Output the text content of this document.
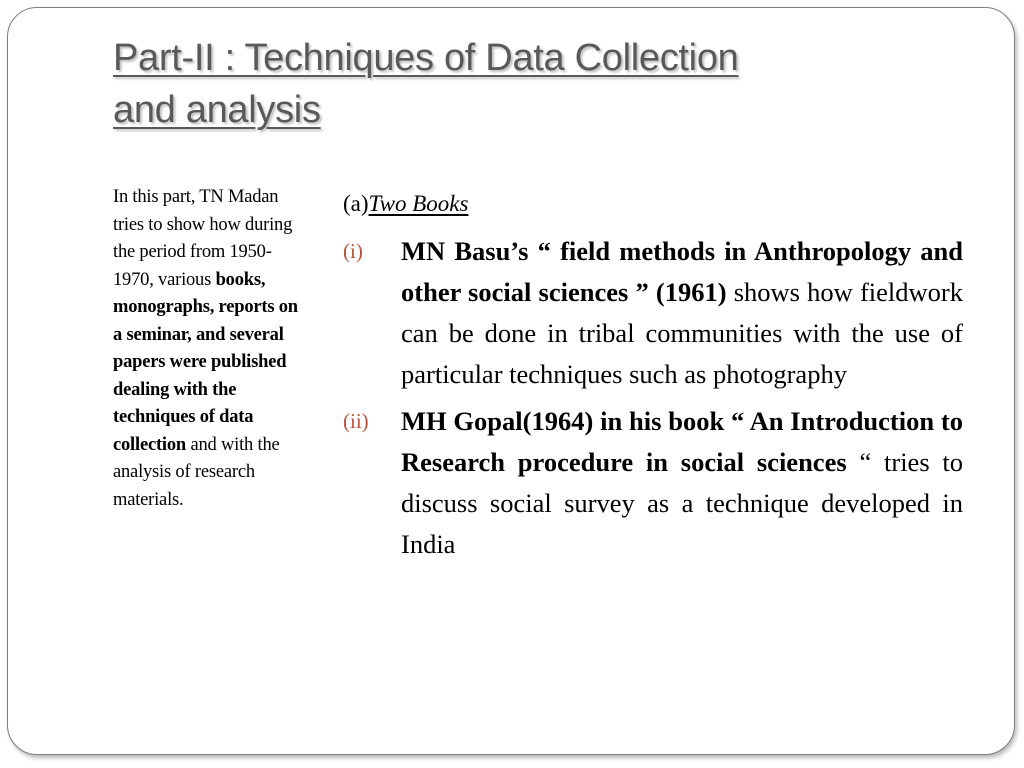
Part-II : Techniques of Data Collection
and analysis
In this part, TN Madan tries to show how during the period from 1950-1970, various books, monographs, reports on a seminar, and several papers were published dealing with the techniques of data collection and with the analysis of research materials.
(a)Two Books
(i) MN Basu’s “ field methods in Anthropology and other social sciences ” (1961) shows how fieldwork can be done in tribal communities with the use of particular techniques such as photography
(ii) MH Gopal(1964) in his book “ An Introduction to Research procedure in social sciences “ tries to discuss social survey as a technique developed in India
